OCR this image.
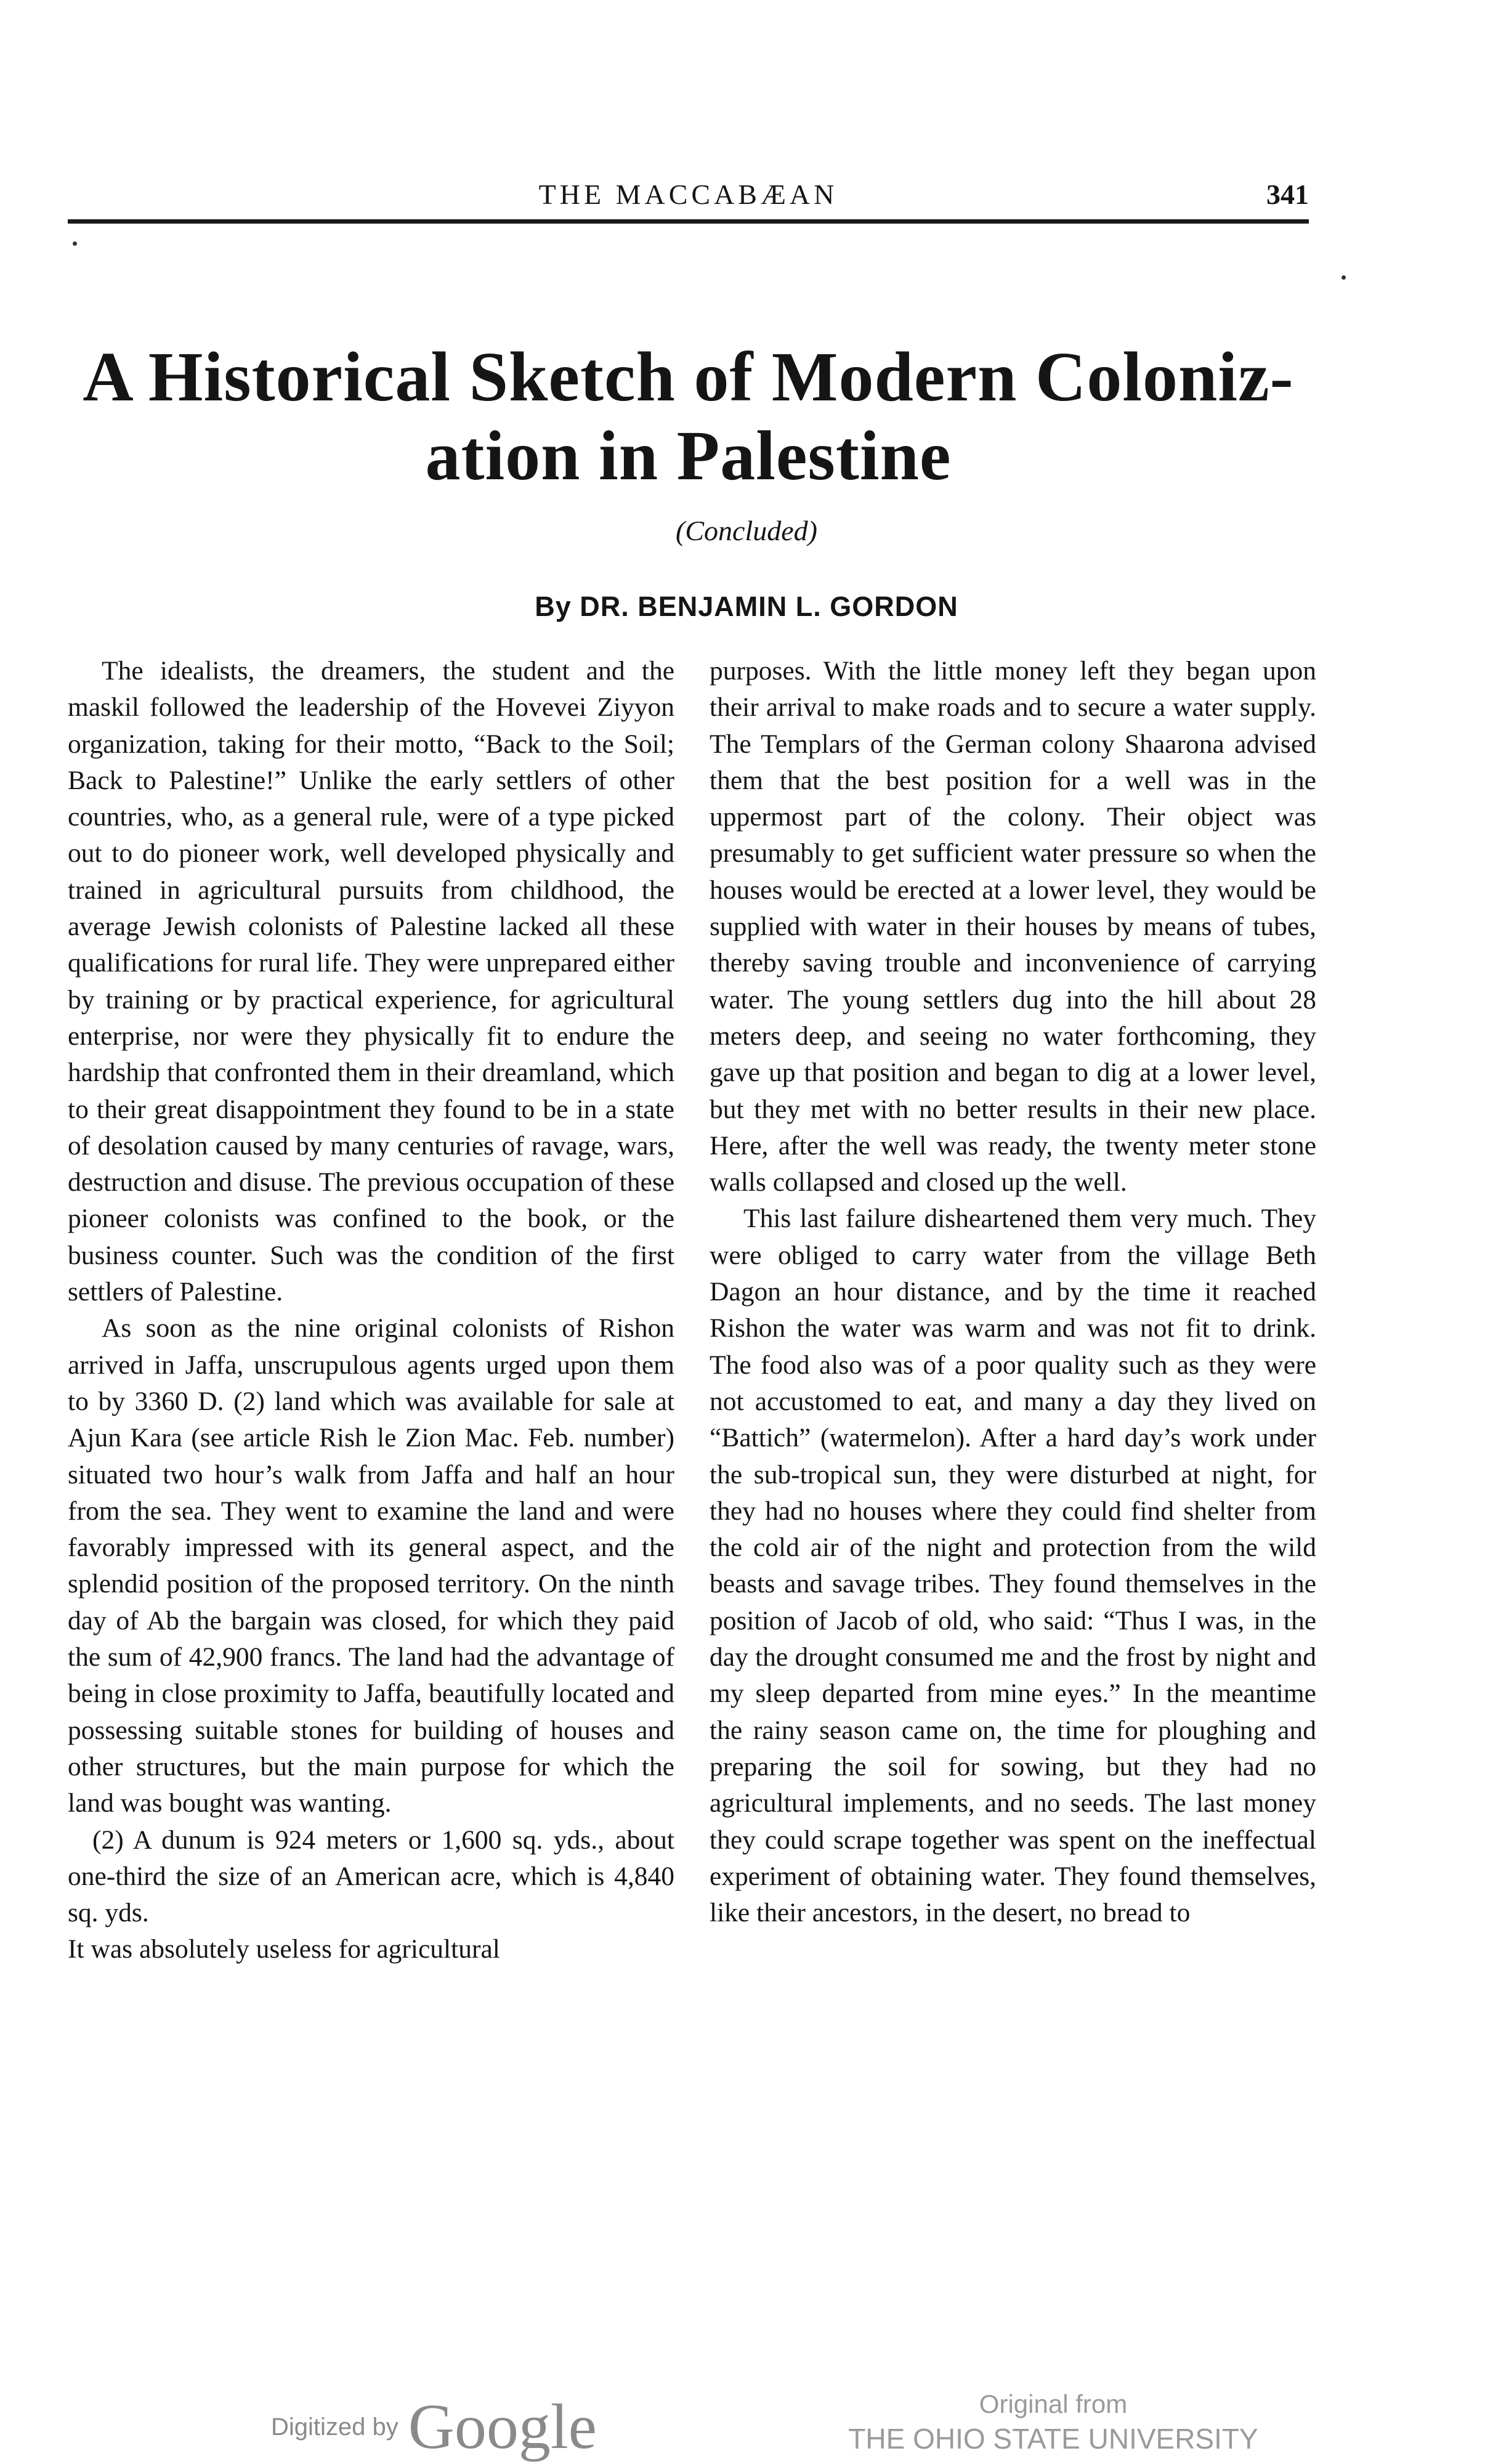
THE MACCABÆAN	341
A Historical Sketch of Modern Coloniz-
ation in Palestine
(Concluded)
By DR. BENJAMIN L. GORDON

The idealists, the dreamers, the student and the maskil followed the leadership of the Hovevei Ziyyon organization, taking for their motto, “Back to the Soil; Back to Palestine!” Unlike the early settlers of other countries, who, as a general rule, were of a type picked out to do pioneer work, well developed physically and trained in agricultural pursuits from childhood, the average Jewish colonists of Palestine lacked all these qualifications for rural life. They were unprepared either by training or by practical experience, for agricultural enterprise, nor were they physically fit to endure the hardship that confronted them in their dreamland, which to their great disappointment they found to be in a state of desolation caused by many centuries of ravage, wars, destruction and disuse. The previous occupation of these pioneer colonists was confined to the book, or the business counter. Such was the condition of the first settlers of Palestine.

As soon as the nine original colonists of Rishon arrived in Jaffa, unscrupulous agents urged upon them to by 3360 D. (2) land which was available for sale at Ajun Kara (see article Rish le Zion Mac. Feb. number) situated two hour’s walk from Jaffa and half an hour from the sea. They went to examine the land and were favorably impressed with its general aspect, and the splendid position of the proposed territory. On the ninth day of Ab the bargain was closed, for which they paid the sum of 42,900 francs. The land had the advantage of being in close proximity to Jaffa, beautifully located and possessing suitable stones for building of houses and other structures, but the main purpose for which the land was bought was wanting.

(2) A dunum is 924 meters or 1,600 sq. yds., about one-third the size of an American acre, which is 4,840 sq. yds.

It was absolutely useless for agricultural

purposes. With the little money left they began upon their arrival to make roads and to secure a water supply. The Templars of the German colony Shaarona advised them that the best position for a well was in the uppermost part of the colony. Their object was presumably to get sufficient water pressure so when the houses would be erected at a lower level, they would be supplied with water in their houses by means of tubes, thereby saving trouble and inconvenience of carrying water. The young settlers dug into the hill about 28 meters deep, and seeing no water forthcoming, they gave up that position and began to dig at a lower level, but they met with no better results in their new place. Here, after the well was ready, the twenty meter stone walls collapsed and closed up the well.

This last failure disheartened them very much. They were obliged to carry water from the village Beth Dagon an hour distance, and by the time it reached Rishon the water was warm and was not fit to drink. The food also was of a poor quality such as they were not accustomed to eat, and many a day they lived on “Battich” (watermelon). After a hard day’s work under the sub-tropical sun, they were disturbed at night, for they had no houses where they could find shelter from the cold air of the night and protection from the wild beasts and savage tribes. They found themselves in the position of Jacob of old, who said: “Thus I was, in the day the drought consumed me and the frost by night and my sleep departed from mine eyes.” In the meantime the rainy season came on, the time for ploughing and preparing the soil for sowing, but they had no agricultural implements, and no seeds. The last money they could scrape together was spent on the ineffectual experiment of obtaining water. They found themselves, like their ancestors, in the desert, no bread to

Digitized by Google	Original from
THE OHIO STATE UNIVERSITY
